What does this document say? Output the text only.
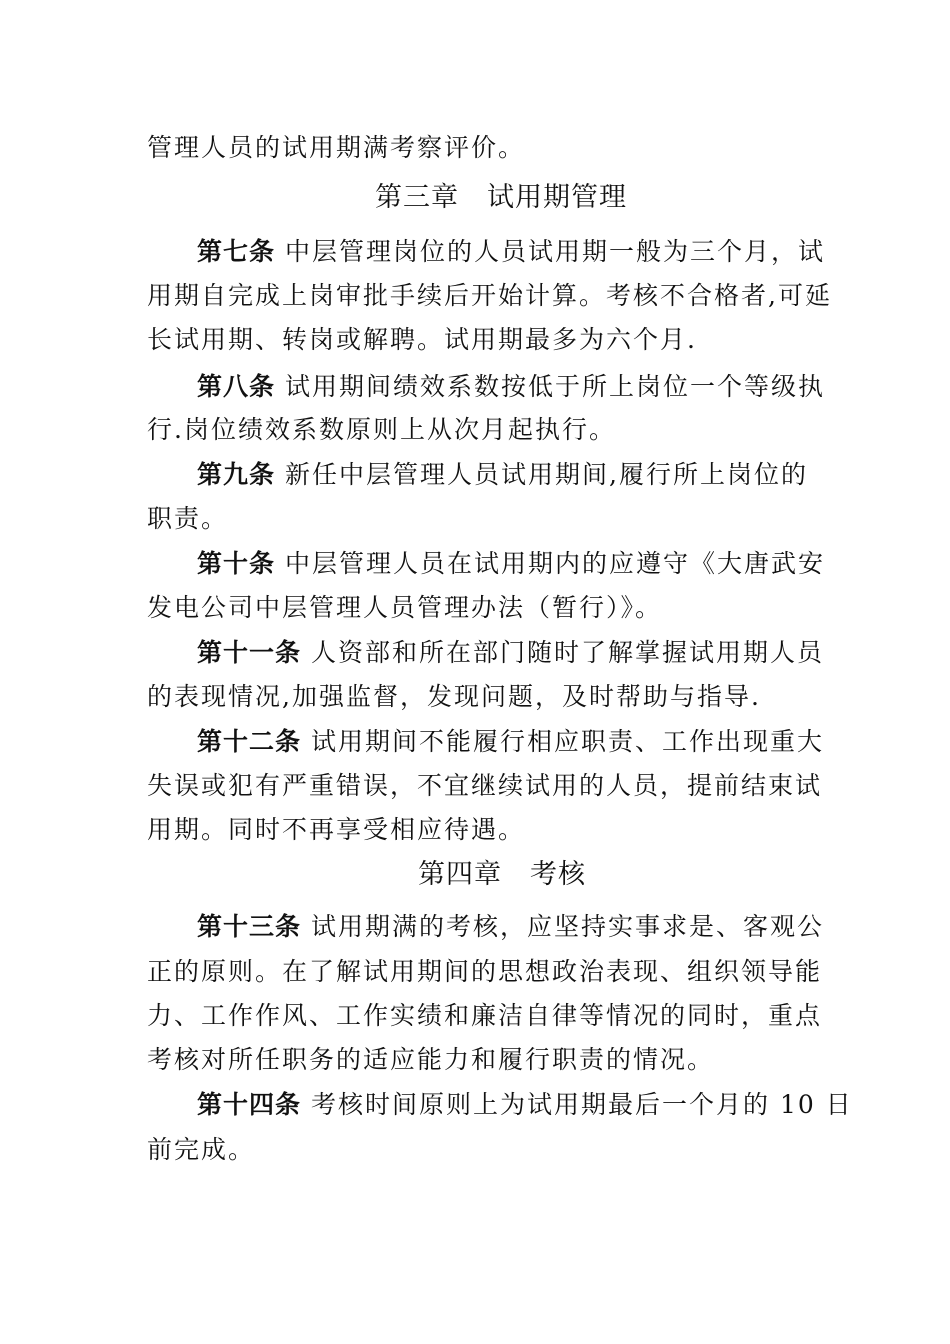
管理人员的试用期满考察评价。
第三章　试用期管理
第七条 中层管理岗位的人员试用期一般为三个月，试
用期自完成上岗审批手续后开始计算。考核不合格者,可延
长试用期、转岗或解聘。试用期最多为六个月.
第八条 试用期间绩效系数按低于所上岗位一个等级执
行.岗位绩效系数原则上从次月起执行。
第九条 新任中层管理人员试用期间,履行所上岗位的
职责。
第十条 中层管理人员在试用期内的应遵守《大唐武安
发电公司中层管理人员管理办法（暂行）》。
第十一条 人资部和所在部门随时了解掌握试用期人员
的表现情况,加强监督，发现问题，及时帮助与指导.
第十二条 试用期间不能履行相应职责、工作出现重大
失误或犯有严重错误，不宜继续试用的人员，提前结束试
用期。同时不再享受相应待遇。
第四章　考核
第十三条 试用期满的考核，应坚持实事求是、客观公
正的原则。在了解试用期间的思想政治表现、组织领导能
力、工作作风、工作实绩和廉洁自律等情况的同时，重点
考核对所任职务的适应能力和履行职责的情况。
第十四条 考核时间原则上为试用期最后一个月的 10 日
前完成。
